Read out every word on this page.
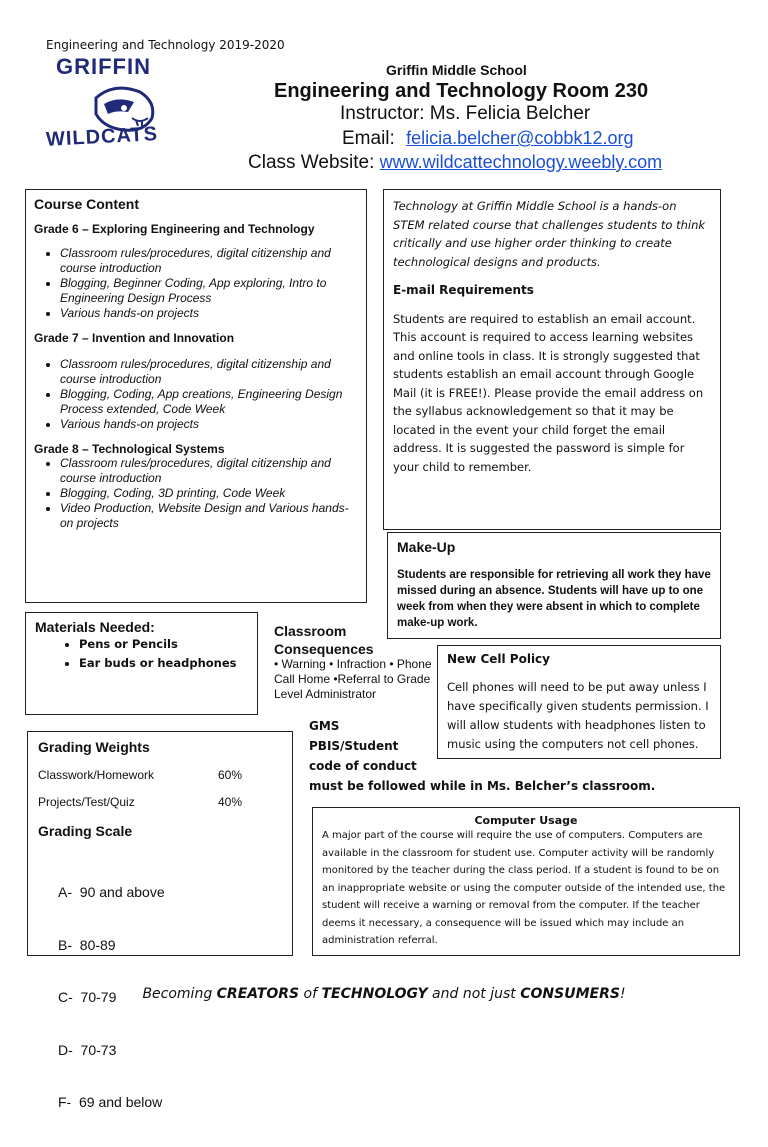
Engineering and Technology 2019-2020
GRIFFIN
WILDCATS
Griffin Middle School
Engineering and Technology Room 230
Instructor: Ms. Felicia Belcher
Email: felicia.belcher@cobbk12.org
Class Website: www.wildcattechnology.weebly.com
Course Content
Grade 6 – Exploring Engineering and Technology
• Classroom rules/procedures, digital citizenship and course introduction
• Blogging, Beginner Coding, App exploring, Intro to Engineering Design Process
• Various hands-on projects
Grade 7 – Invention and Innovation
• Classroom rules/procedures, digital citizenship and course introduction
• Blogging, Coding, App creations, Engineering Design Process extended, Code Week
• Various hands-on projects
Grade 8 – Technological Systems
• Classroom rules/procedures, digital citizenship and course introduction
• Blogging, Coding, 3D printing, Code Week
• Video Production, Website Design and Various hands-on projects
Technology at Griffin Middle School is a hands-on STEM related course that challenges students to think critically and use higher order thinking to create technological designs and products.
E-mail Requirements
Students are required to establish an email account. This account is required to access learning websites and online tools in class. It is strongly suggested that students establish an email account through Google Mail (it is FREE!). Please provide the email address on the syllabus acknowledgement so that it may be located in the event your child forget the email address. It is suggested the password is simple for your child to remember.
Make-Up
Students are responsible for retrieving all work they have missed during an absence. Students will have up to one week from when they were absent in which to complete make-up work.
Materials Needed:
• Pens or Pencils
• Ear buds or headphones
Classroom
Consequences
• Warning • Infraction • Phone Call Home •Referral to Grade Level Administrator
New Cell Policy
Cell phones will need to be put away unless I have specifically given students permission. I will allow students with headphones listen to music using the computers not cell phones.
GMS
PBIS/Student
code of conduct
must be followed while in Ms. Belcher’s classroom.
Grading Weights
Classwork/Homework	60%
Projects/Test/Quiz	40%
Grading Scale

A-  90 and above

B-  80-89

C-  70-79

D-  70-73

F-  69 and below

Computer Usage
A major part of the course will require the use of computers. Computers are available in the classroom for student use. Computer activity will be randomly monitored by the teacher during the class period. If a student is found to be on an inappropriate website or using the computer outside of the intended use, the student will receive a warning or removal from the computer. If the teacher deems it necessary, a consequence will be issued which may include an administration referral.
Becoming CREATORS of TECHNOLOGY and not just CONSUMERS!
